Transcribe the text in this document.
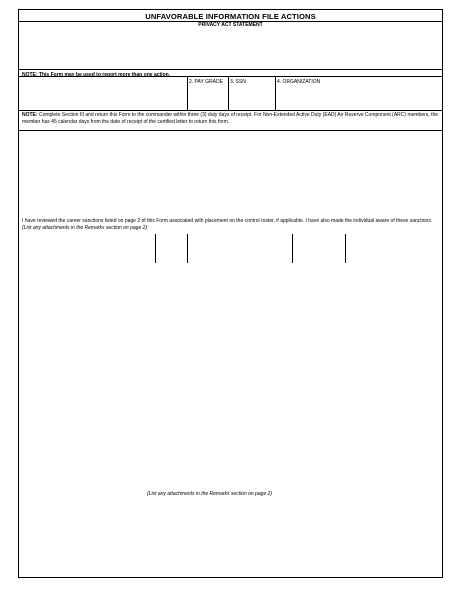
UNFAVORABLE INFORMATION FILE ACTIONS
PRIVACY ACT STATEMENT
NOTE: This Form may be used to report more than one action.
2. PAY GRADE 3. SSN	4. ORGANIZATION
NOTE: Complete Section III and return this Form to the commander within three (3) duty days of receipt. For Non-Extended Active Duty (EAD) Air Reserve Component (ARC) members, the member has 45 calendar days from the date of receipt of the certified letter to return this form.
I have reviewed the career sanctions listed on page 2 of this Form associated with placement on the control roster, if applicable. I have also made the individual aware of these sanctions. (List any attachments in the Remarks section on page 2)
(List any attachments in the Remarks section on page 2)
